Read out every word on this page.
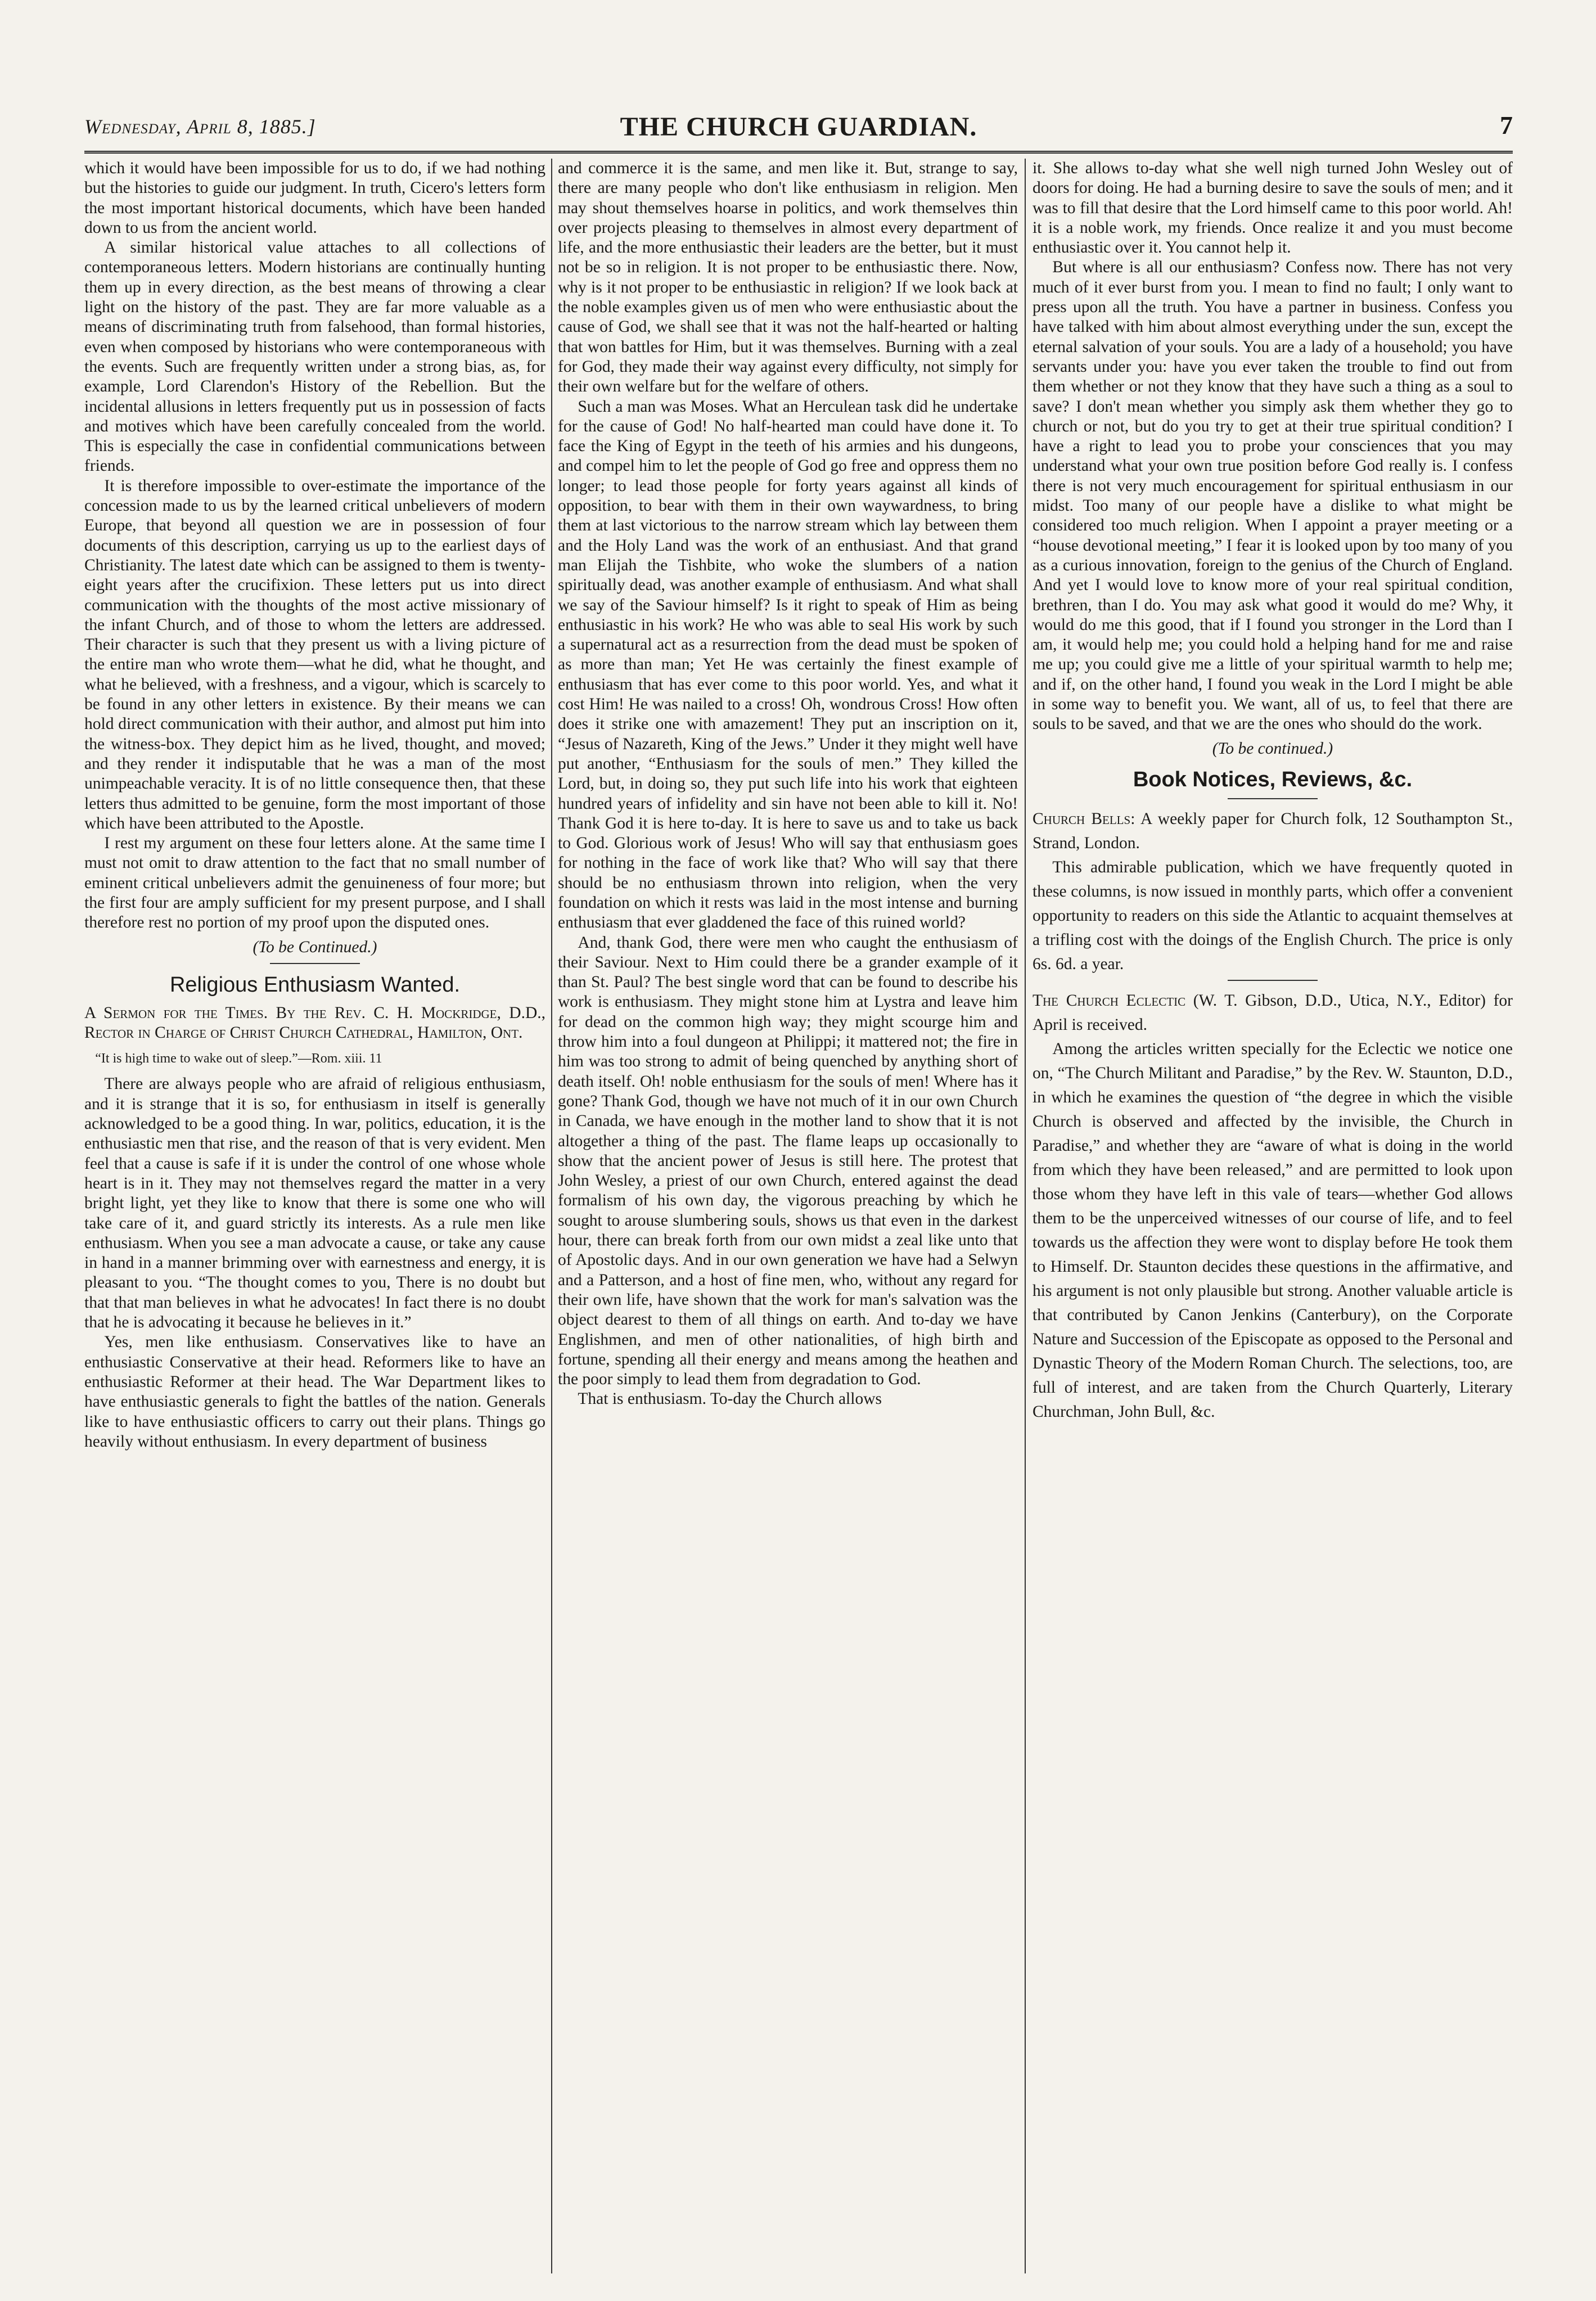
Wednesday, April 8, 1885.]	THE CHURCH GUARDIAN.	7

which it would have been impossible for us to do, if we had nothing but the histories to guide our judgment. In truth, Cicero's letters form the most important historical documents, which have been handed down to us from the ancient world.

A similar historical value attaches to all collections of contemporaneous letters. Modern historians are continually hunting them up in every direction, as the best means of throwing a clear light on the history of the past. They are far more valuable as a means of discriminating truth from falsehood, than formal histories, even when composed by historians who were contemporaneous with the events. Such are frequently written under a strong bias, as, for example, Lord Clarendon's History of the Rebellion. But the incidental allusions in letters frequently put us in possession of facts and motives which have been carefully concealed from the world. This is especially the case in confidential communications between friends.

It is therefore impossible to over-estimate the importance of the concession made to us by the learned critical unbelievers of modern Europe, that beyond all question we are in possession of four documents of this description, carrying us up to the earliest days of Christianity. The latest date which can be assigned to them is twenty-eight years after the crucifixion. These letters put us into direct communication with the thoughts of the most active missionary of the infant Church, and of those to whom the letters are addressed. Their character is such that they present us with a living picture of the entire man who wrote them—what he did, what he thought, and what he believed, with a freshness, and a vigour, which is scarcely to be found in any other letters in existence. By their means we can hold direct communication with their author, and almost put him into the witness-box. They depict him as he lived, thought, and moved; and they render it indisputable that he was a man of the most unimpeachable veracity. It is of no little consequence then, that these letters thus admitted to be genuine, form the most important of those which have been attributed to the Apostle.

I rest my argument on these four letters alone. At the same time I must not omit to draw attention to the fact that no small number of eminent critical unbelievers admit the genuineness of four more; but the first four are amply sufficient for my present purpose, and I shall therefore rest no portion of my proof upon the disputed ones.

(To be Continued.)
Religious Enthusiasm Wanted.

A Sermon for the Times. By the Rev. C. H. Mockridge, D.D., Rector in Charge of Christ Church Cathedral, Hamilton, Ont.

“It is high time to wake out of sleep.”—Rom. xiii. 11

There are always people who are afraid of religious enthusiasm, and it is strange that it is so, for enthusiasm in itself is generally acknowledged to be a good thing. In war, politics, education, it is the enthusiastic men that rise, and the reason of that is very evident. Men feel that a cause is safe if it is under the control of one whose whole heart is in it. They may not themselves regard the matter in a very bright light, yet they like to know that there is some one who will take care of it, and guard strictly its interests. As a rule men like enthusiasm. When you see a man advocate a cause, or take any cause in hand in a manner brimming over with earnestness and energy, it is pleasant to you. “The thought comes to you, There is no doubt but that that man believes in what he advocates! In fact there is no doubt that he is advocating it because he believes in it.”

Yes, men like enthusiasm. Conservatives like to have an enthusiastic Conservative at their head. Reformers like to have an enthusiastic Reformer at their head. The War Department likes to have enthusiastic generals to fight the battles of the nation. Generals like to have enthusiastic officers to carry out their plans. Things go heavily without enthusiasm. In every department of business

and commerce it is the same, and men like it. But, strange to say, there are many people who don't like enthusiasm in religion. Men may shout themselves hoarse in politics, and work themselves thin over projects pleasing to themselves in almost every department of life, and the more enthusiastic their leaders are the better, but it must not be so in religion. It is not proper to be enthusiastic there. Now, why is it not proper to be enthusiastic in religion? If we look back at the noble examples given us of men who were enthusiastic about the cause of God, we shall see that it was not the half-hearted or halting that won battles for Him, but it was themselves. Burning with a zeal for God, they made their way against every difficulty, not simply for their own welfare but for the welfare of others.

Such a man was Moses. What an Herculean task did he undertake for the cause of God! No half-hearted man could have done it. To face the King of Egypt in the teeth of his armies and his dungeons, and compel him to let the people of God go free and oppress them no longer; to lead those people for forty years against all kinds of opposition, to bear with them in their own waywardness, to bring them at last victorious to the narrow stream which lay between them and the Holy Land was the work of an enthusiast. And that grand man Elijah the Tishbite, who woke the slumbers of a nation spiritually dead, was another example of enthusiasm. And what shall we say of the Saviour himself? Is it right to speak of Him as being enthusiastic in his work? He who was able to seal His work by such a supernatural act as a resurrection from the dead must be spoken of as more than man; Yet He was certainly the finest example of enthusiasm that has ever come to this poor world. Yes, and what it cost Him! He was nailed to a cross! Oh, wondrous Cross! How often does it strike one with amazement! They put an inscription on it, “Jesus of Nazareth, King of the Jews.” Under it they might well have put another, “Enthusiasm for the souls of men.” They killed the Lord, but, in doing so, they put such life into his work that eighteen hundred years of infidelity and sin have not been able to kill it. No! Thank God it is here to-day. It is here to save us and to take us back to God. Glorious work of Jesus! Who will say that enthusiasm goes for nothing in the face of work like that? Who will say that there should be no enthusiasm thrown into religion, when the very foundation on which it rests was laid in the most intense and burning enthusiasm that ever gladdened the face of this ruined world?

And, thank God, there were men who caught the enthusiasm of their Saviour. Next to Him could there be a grander example of it than St. Paul? The best single word that can be found to describe his work is enthusiasm. They might stone him at Lystra and leave him for dead on the common high way; they might scourge him and throw him into a foul dungeon at Philippi; it mattered not; the fire in him was too strong to admit of being quenched by anything short of death itself. Oh! noble enthusiasm for the souls of men! Where has it gone? Thank God, though we have not much of it in our own Church in Canada, we have enough in the mother land to show that it is not altogether a thing of the past. The flame leaps up occasionally to show that the ancient power of Jesus is still here. The protest that John Wesley, a priest of our own Church, entered against the dead formalism of his own day, the vigorous preaching by which he sought to arouse slumbering souls, shows us that even in the darkest hour, there can break forth from our own midst a zeal like unto that of Apostolic days. And in our own generation we have had a Selwyn and a Patterson, and a host of fine men, who, without any regard for their own life, have shown that the work for man's salvation was the object dearest to them of all things on earth. And to-day we have Englishmen, and men of other nationalities, of high birth and fortune, spending all their energy and means among the heathen and the poor simply to lead them from degradation to God.

That is enthusiasm. To-day the Church allows

it. She allows to-day what she well nigh turned John Wesley out of doors for doing. He had a burning desire to save the souls of men; and it was to fill that desire that the Lord himself came to this poor world. Ah! it is a noble work, my friends. Once realize it and you must become enthusiastic over it. You cannot help it.

But where is all our enthusiasm? Confess now. There has not very much of it ever burst from you. I mean to find no fault; I only want to press upon all the truth. You have a partner in business. Confess you have talked with him about almost everything under the sun, except the eternal salvation of your souls. You are a lady of a household; you have servants under you: have you ever taken the trouble to find out from them whether or not they know that they have such a thing as a soul to save? I don't mean whether you simply ask them whether they go to church or not, but do you try to get at their true spiritual condition? I have a right to lead you to probe your consciences that you may understand what your own true position before God really is. I confess there is not very much encouragement for spiritual enthusiasm in our midst. Too many of our people have a dislike to what might be considered too much religion. When I appoint a prayer meeting or a “house devotional meeting,” I fear it is looked upon by too many of you as a curious innovation, foreign to the genius of the Church of England. And yet I would love to know more of your real spiritual condition, brethren, than I do. You may ask what good it would do me? Why, it would do me this good, that if I found you stronger in the Lord than I am, it would help me; you could hold a helping hand for me and raise me up; you could give me a little of your spiritual warmth to help me; and if, on the other hand, I found you weak in the Lord I might be able in some way to benefit you. We want, all of us, to feel that there are souls to be saved, and that we are the ones who should do the work.

(To be continued.)
Book Notices, Reviews, &c.

Church Bells: A weekly paper for Church folk, 12 Southampton St., Strand, London.

This admirable publication, which we have frequently quoted in these columns, is now issued in monthly parts, which offer a convenient opportunity to readers on this side the Atlantic to acquaint themselves at a trifling cost with the doings of the English Church. The price is only 6s. 6d. a year.

The Church Eclectic (W. T. Gibson, D.D., Utica, N.Y., Editor) for April is received.

Among the articles written specially for the Eclectic we notice one on, “The Church Militant and Paradise,” by the Rev. W. Staunton, D.D., in which he examines the question of “the degree in which the visible Church is observed and affected by the invisible, the Church in Paradise,” and whether they are “aware of what is doing in the world from which they have been released,” and are permitted to look upon those whom they have left in this vale of tears—whether God allows them to be the unperceived witnesses of our course of life, and to feel towards us the affection they were wont to display before He took them to Himself. Dr. Staunton decides these questions in the affirmative, and his argument is not only plausible but strong. Another valuable article is that contributed by Canon Jenkins (Canterbury), on the Corporate Nature and Succession of the Episcopate as opposed to the Personal and Dynastic Theory of the Modern Roman Church. The selections, too, are full of interest, and are taken from the Church Quarterly, Literary Churchman, John Bull, &c.
